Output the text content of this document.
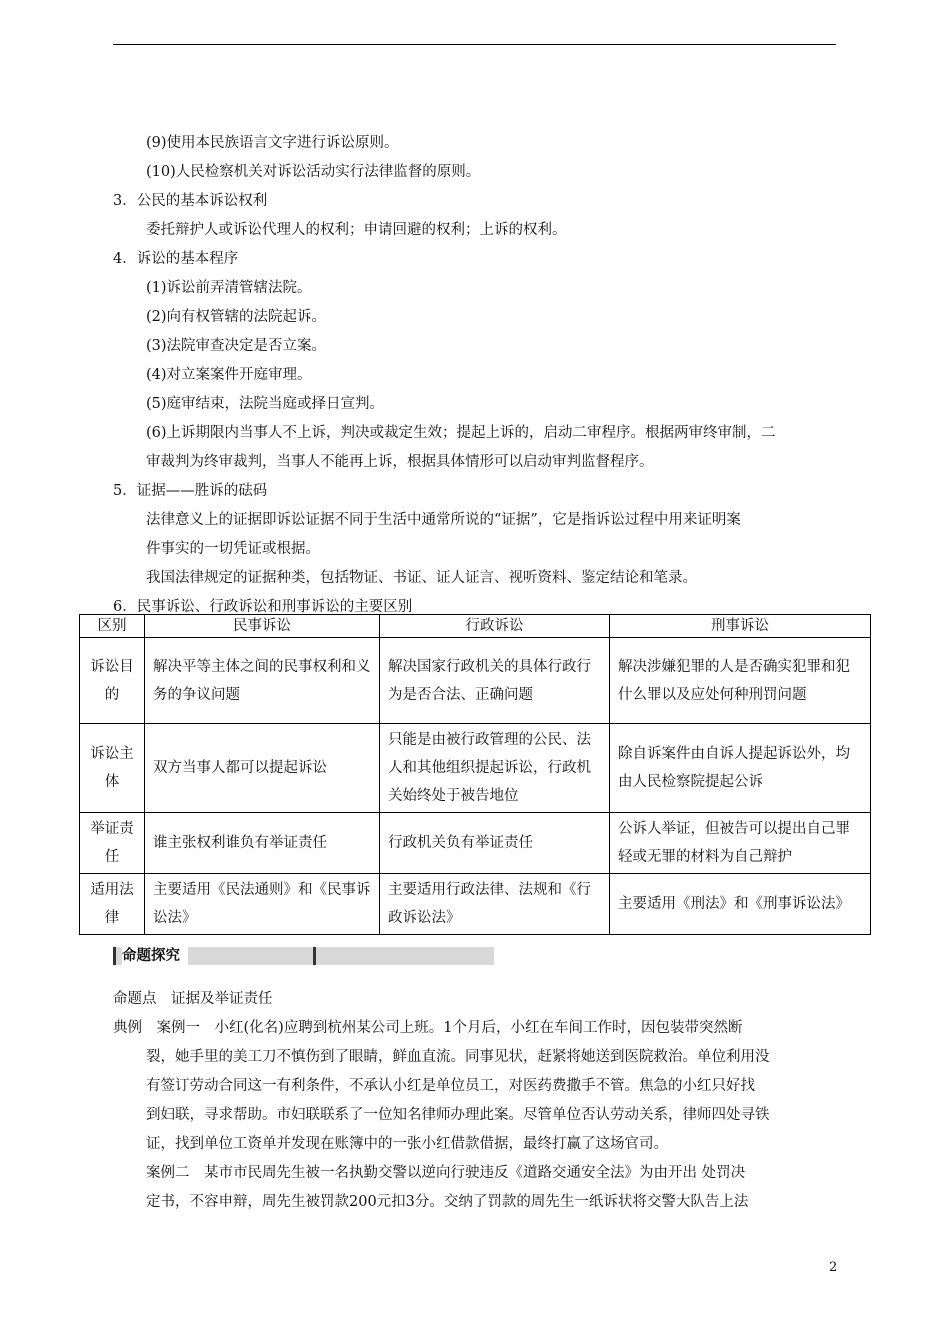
(9)使用本民族语言文字进行诉讼原则。
(10)人民检察机关对诉讼活动实行法律监督的原则。
3．公民的基本诉讼权利
委托辩护人或诉讼代理人的权利；申请回避的权利；上诉的权利。
4．诉讼的基本程序
(1)诉讼前弄清管辖法院。
(2)向有权管辖的法院起诉。
(3)法院审查决定是否立案。
(4)对立案案件开庭审理。
(5)庭审结束，法院当庭或择日宣判。
(6)上诉期限内当事人不上诉，判决或裁定生效；提起上诉的，启动二审程序。根据两审终审制，二
审裁判为终审裁判，当事人不能再上诉，根据具体情形可以启动审判监督程序。
5．证据——胜诉的砝码
法律意义上的证据即诉讼证据不同于生活中通常所说的“证据”，它是指诉讼过程中用来证明案
件事实的一切凭证或根据。
我国法律规定的证据种类，包括物证、书证、证人证言、视听资料、鉴定结论和笔录。
6．民事诉讼、行政诉讼和刑事诉讼的主要区别
区别	民事诉讼	行政诉讼	刑事诉讼
诉讼目的	解决平等主体之间的民事权利和义务的争议问题	解决国家行政机关的具体行政行为是否合法、正确问题	解决涉嫌犯罪的人是否确实犯罪和犯什么罪以及应处何种刑罚问题
诉讼主体	双方当事人都可以提起诉讼	只能是由被行政管理的公民、法人和其他组织提起诉讼，行政机关始终处于被告地位	除自诉案件由自诉人提起诉讼外，均由人民检察院提起公诉
举证责任	谁主张权利谁负有举证责任	行政机关负有举证责任	公诉人举证，但被告可以提出自己罪轻或无罪的材料为自己辩护
适用法律	主要适用《民法通则》和《民事诉讼法》	主要适用行政法律、法规和《行政诉讼法》	主要适用《刑法》和《刑事诉讼法》
命题探究
命题点　证据及举证责任
典例　案例一　小红(化名)应聘到杭州某公司上班。1个月后，小红在车间工作时，因包装带突然断
裂，她手里的美工刀不慎伤到了眼睛，鲜血直流。同事见状，赶紧将她送到医院救治。单位利用没
有签订劳动合同这一有利条件，不承认小红是单位员工，对医药费撒手不管。焦急的小红只好找
到妇联，寻求帮助。市妇联联系了一位知名律师办理此案。尽管单位否认劳动关系，律师四处寻铁
证，找到单位工资单并发现在账簿中的一张小红借款借据，最终打赢了这场官司。
案例二　某市市民周先生被一名执勤交警以逆向行驶违反《道路交通安全法》为由开出 处罚决
定书，不容申辩，周先生被罚款200元扣3分。交纳了罚款的周先生一纸诉状将交警大队告上法
2
